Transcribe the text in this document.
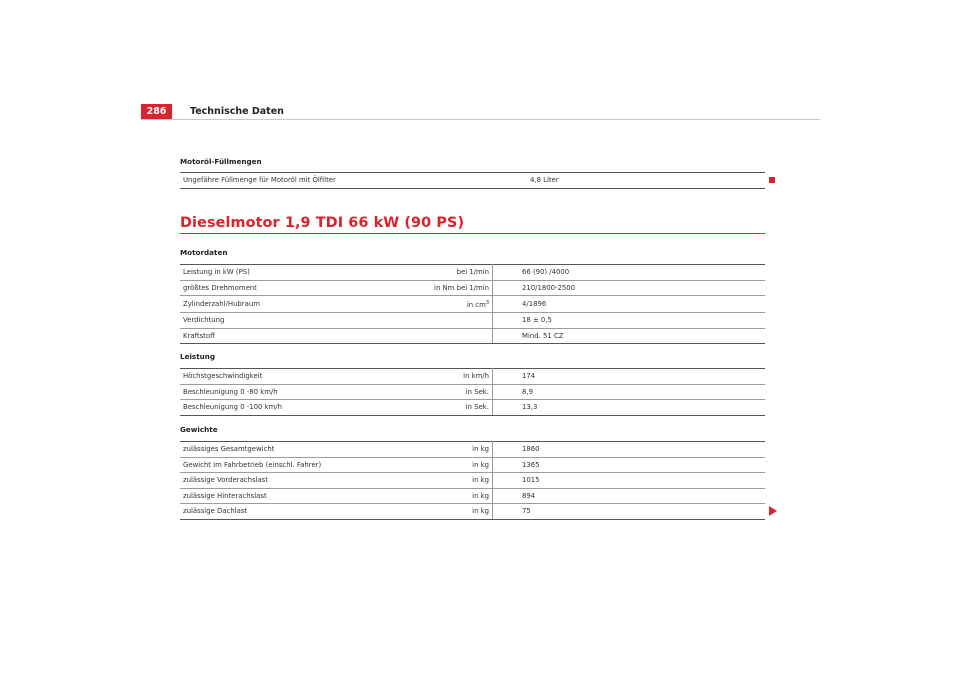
286	Technische Daten
Motoröl-Füllmengen
Ungefähre Füllmenge für Motoröl mit Ölfilter	4,8 Liter
Dieselmotor 1,9 TDI 66 kW (90 PS)
Motordaten
Leistung in kW (PS)	bei 1/min	66 (90) /4000
größtes Drehmoment	in Nm bei 1/min	210/1800-2500
Zylinderzahl/Hubraum	in $cm^3$	4/1896
Verdichtung		18 ± 0,5
Kraftstoff		Mind. 51 CZ
Leistung
Höchstgeschwindigkeit	in km/h	174
Beschleunigung 0 -80 km/h	in Sek.	8,9
Beschleunigung 0 -100 km/h	in Sek.	13,3
Gewichte
zulässiges Gesamtgewicht	in kg	1860
Gewicht im Fahrbetrieb (einschl. Fahrer)	in kg	1365
zulässige Vorderachslast	in kg	1015
zulässige Hinterachslast	in kg	894
zulässige Dachlast	in kg	75
